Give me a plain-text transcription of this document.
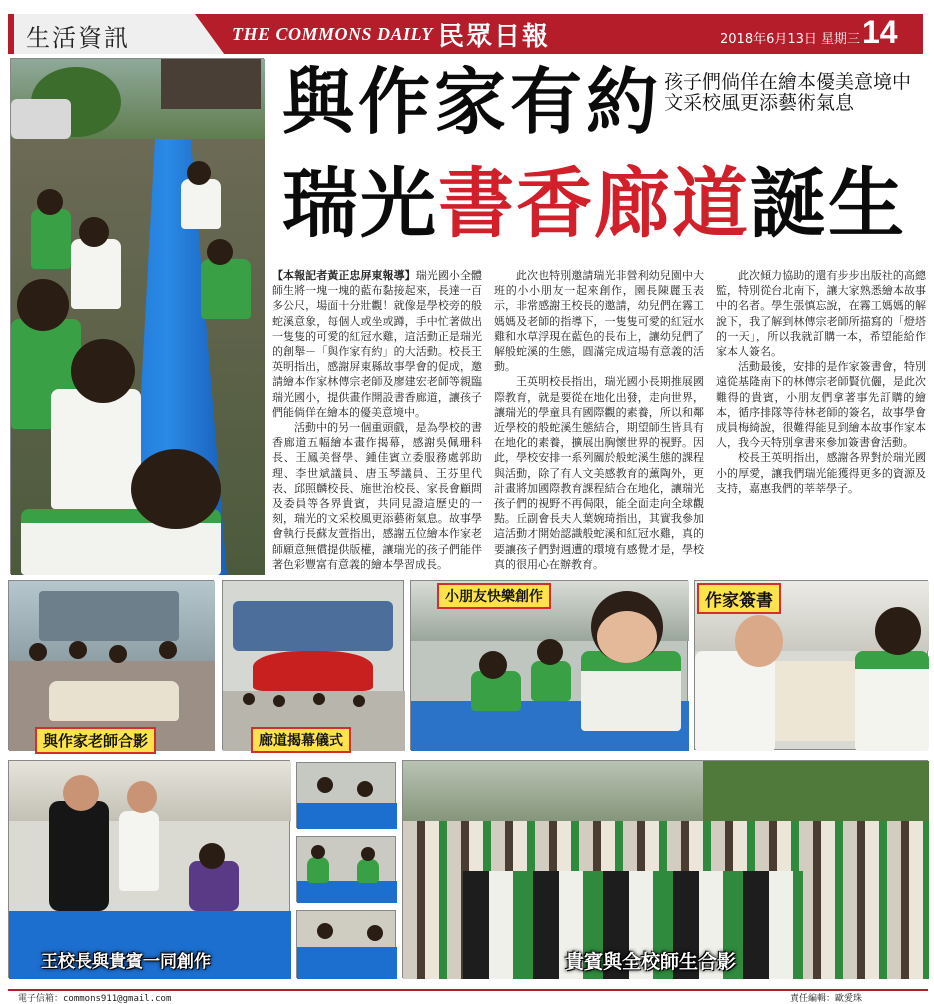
生活資訊	THE COMMONS DAILY 民眾日報	2018年6月13日 星期三 14
與作家有約
瑞光書香廊道誕生
孩子們倘佯在繪本優美意境中 文采校風更添藝術氣息

【本報記者黃正忠屏東報導】瑞光國小全體師生將一塊一塊的藍布黏接起來，長達一百多公尺，場面十分壯觀！就像是學校旁的般蛇溪意象，每個人或坐或蹲，手中忙著做出一隻隻的可愛的紅冠水雞，這活動正是瑞光的創舉－「與作家有約」的大活動。校長王英明指出，感謝屏東縣故事學會的促成，邀請繪本作家林傳宗老師及廖建宏老師等親臨瑞光國小，提供畫作開設書香廊道，讓孩子們能倘佯在繪本的優美意境中。

活動中的另一個重頭戲，是為學校的書香廊道五幅繪本畫作揭幕，感謝吳佩珊科長、王鳳美督學、鍾佳賓立委服務處郭助理、李世斌議員、唐玉琴議員、王芬里代表、邱照麟校長、施世治校長、家長會顧問及委員等各界貴賓，共同見證這歷史的一刻，瑞光的文采校風更添藝術氣息。故事學會執行長蘇友萱指出，感謝五位繪本作家老師願意無償提供版權，讓瑞光的孩子們能伴著色彩豐富有意義的繪本學習成長。

此次也特別邀請瑞光非營利幼兒園中大班的小小朋友一起來創作，園長陳麗玉表示，非常感謝王校長的邀請，幼兒們在霧工媽媽及老師的指導下，一隻隻可愛的紅冠水雞和水草浮現在藍色的長布上，讓幼兒們了解般蛇溪的生態，圓滿完成這場有意義的活動。

王英明校長指出，瑞光國小長期推展國際教育，就是要從在地化出發，走向世界，讓瑞光的學童具有國際觀的素養，所以和鄰近學校的般蛇溪生態結合，期望師生皆具有在地化的素養，擴展出胸懷世界的視野。因此，學校安排一系列關於般蛇溪生態的課程與活動，除了有人文美感教育的薰陶外，更計畫將加國際教育課程結合在地化，讓瑞光孩子們的視野不再侷限，能全面走向全球觀點。丘副會長夫人葉婉琦指出，其實我參加這活動才開始認識般蛇溪和紅冠水雞，真的要讓孩子們對週遭的環境有感覺才是，學校真的很用心在辦教育。

此次傾力協助的還有步步出版社的高總監，特別從台北南下，讓大家熟悉繪本故事中的名者。學生張慎忘說，在霧工媽媽的解說下，我了解到林傳宗老師所描寫的「燈塔的一天」，所以我就訂購一本，希望能給作家本人簽名。

活動最後，安排的是作家簽書會，特別遠從基隆南下的林傳宗老師賢伉儷，是此次難得的貴賓，小朋友們拿著事先訂購的繪本，循序排隊等待林老師的簽名，故事學會成員梅綺說，很難得能見到繪本故事作家本人，我今天特別拿書來參加簽書會活動。

校長王英明指出，感謝各界對於瑞光國小的厚愛，讓我們瑞光能獲得更多的資源及支持，嘉惠我們的莘莘學子。

與作家老師合影	廊道揭幕儀式
小朋友快樂創作	作家簽書
王校長與貴賓一同創作	貴賓與全校師生合影
電子信箱：commons911@gmail.com	責任編輯：歐愛珠
